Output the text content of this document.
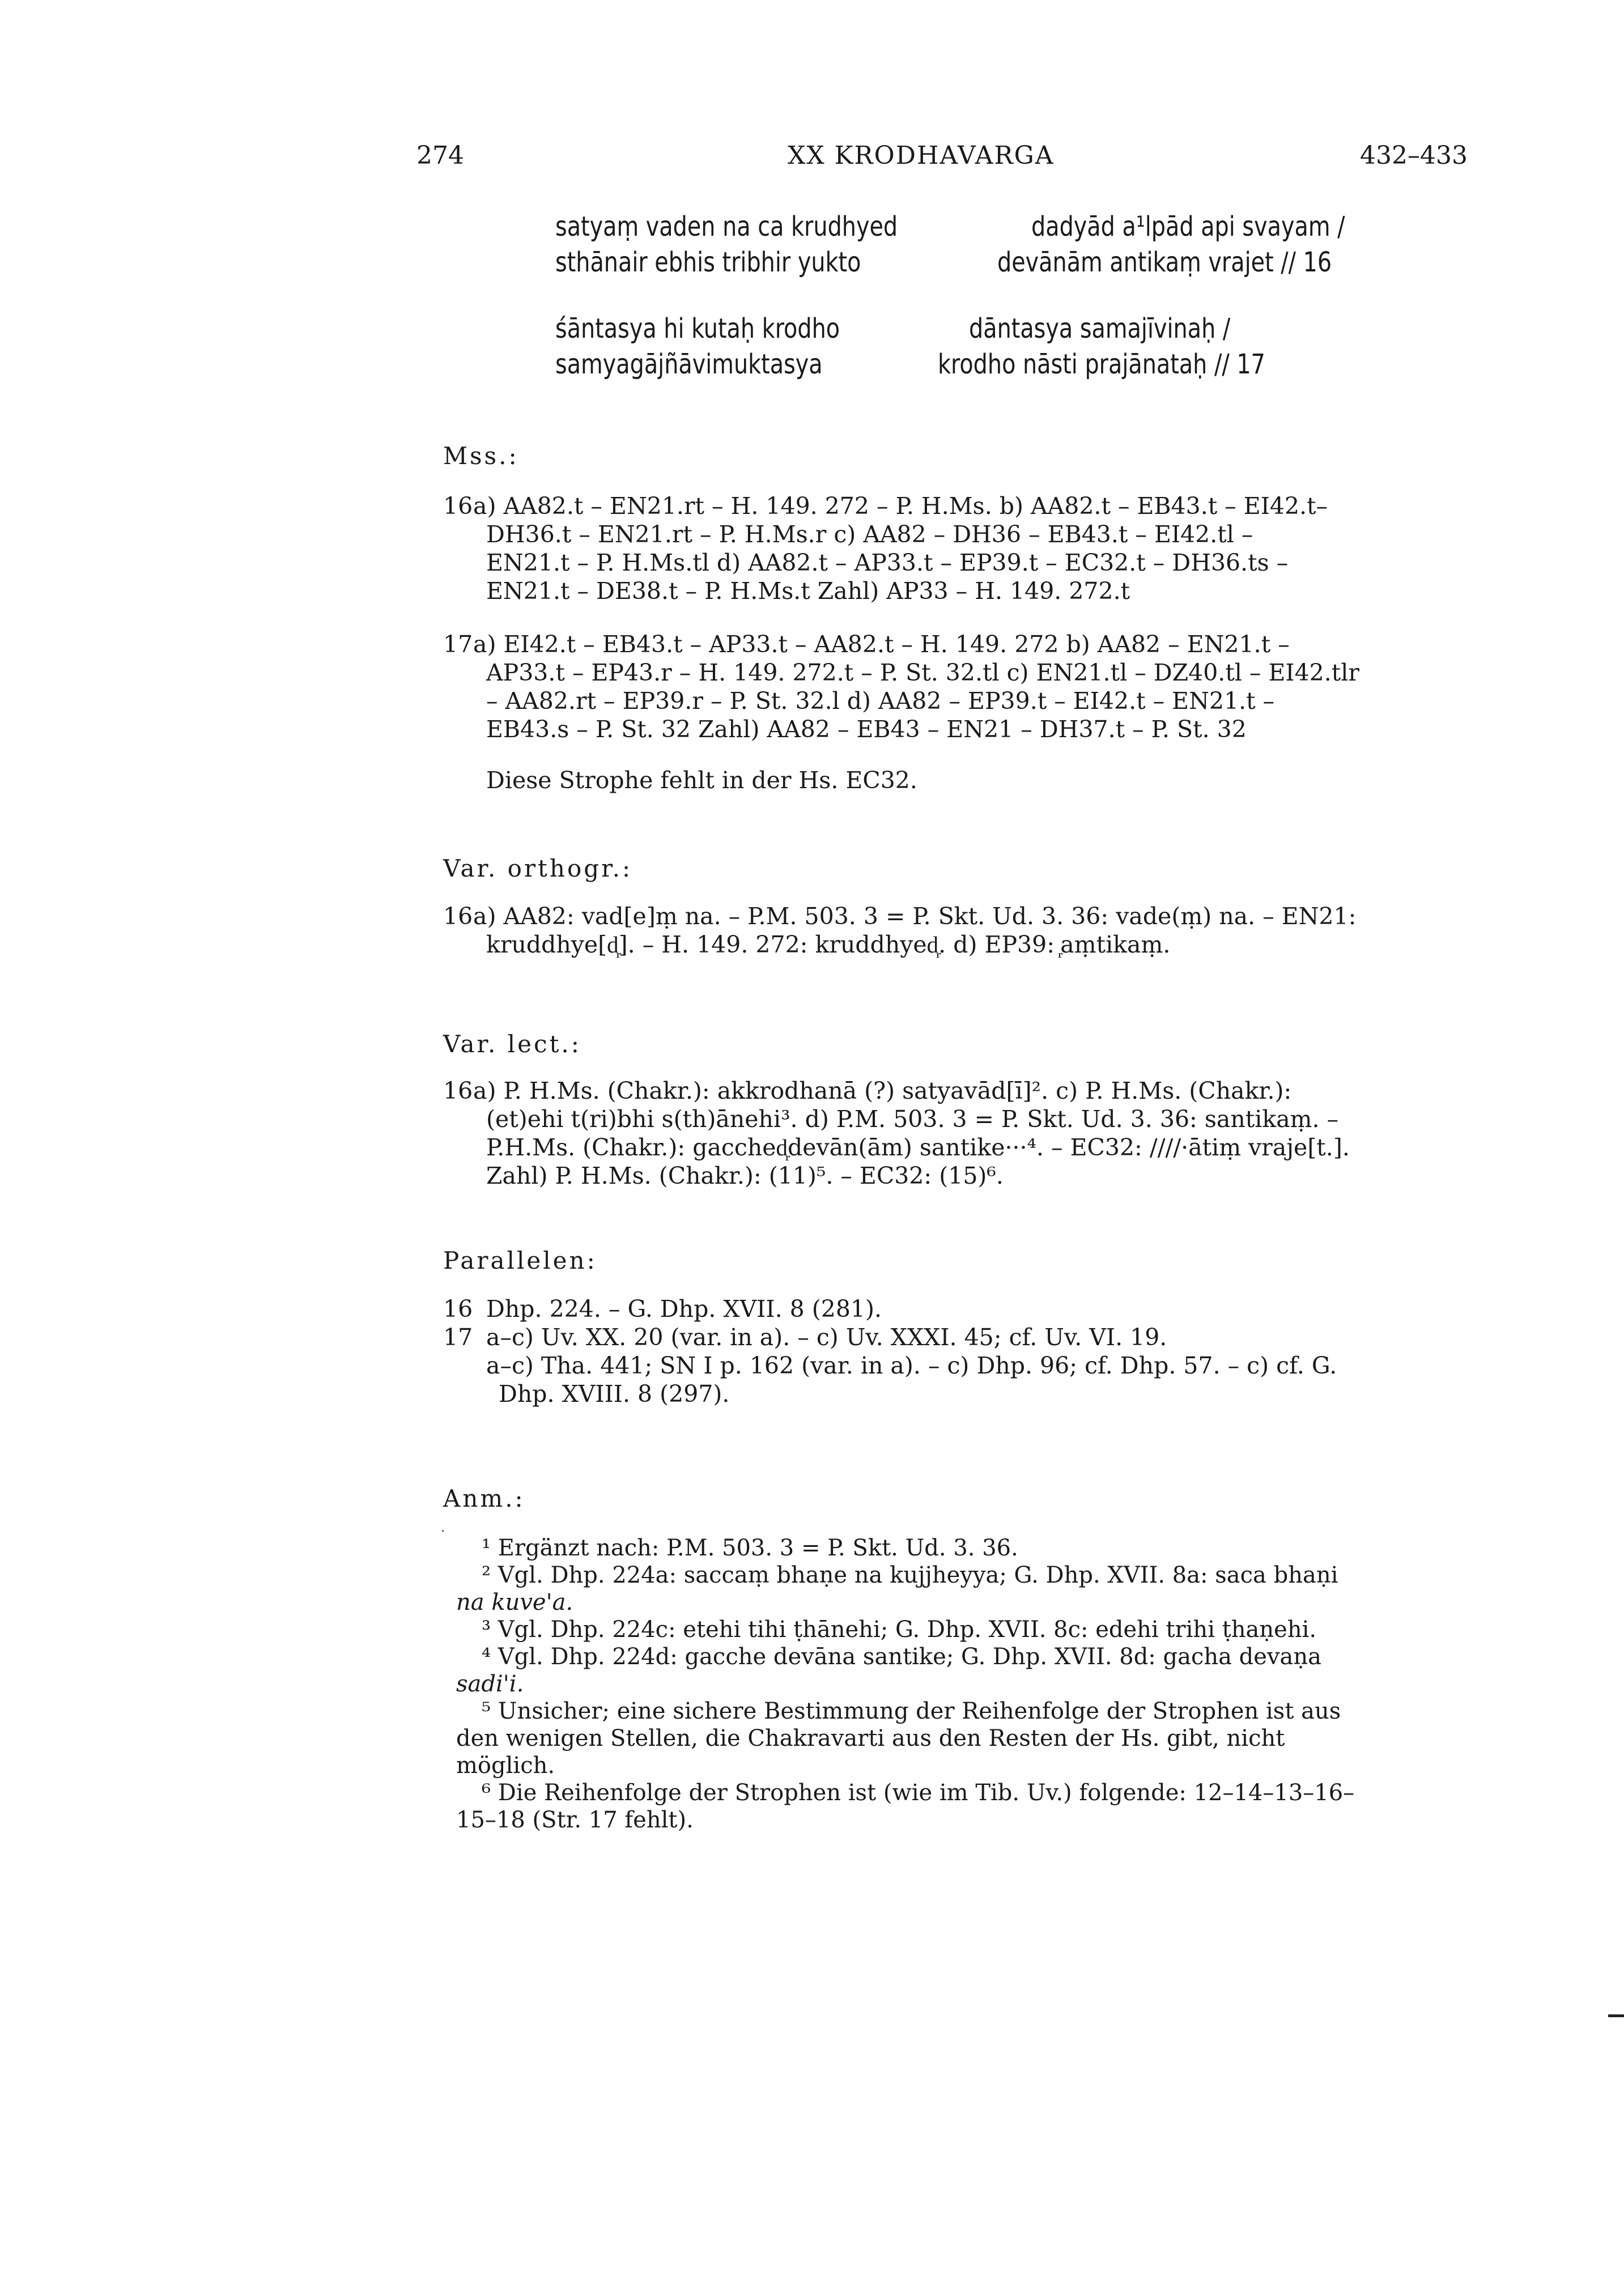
274	XX KRODHAVARGA	432–433
satyaṃ vaden na ca krudhyed	dadyād a¹lpād api svayam /
sthānair ebhis tribhir yukto	devānām antikaṃ vrajet // 16
śāntasya hi kutaḥ krodho	dāntasya samajīvinaḥ /
samyagājñāvimuktasya	krodho nāsti prajānataḥ // 17
Mss.:
16 a) AA82.t – EN21.rt – H. 149. 272 – P. H.Ms. b) AA82.t – EB43.t – EI42.t–
DH36.t – EN21.rt – P. H.Ms.r c) AA82 – DH36 – EB43.t – EI42.tl –
EN21.t – P. H.Ms.tl d) AA82.t – AP33.t – EP39.t – EC32.t – DH36.ts –
EN21.t – DE38.t – P. H.Ms.t Zahl) AP33 – H. 149. 272.t
17 a) EI42.t – EB43.t – AP33.t – AA82.t – H. 149. 272 b) AA82 – EN21.t –
AP33.t – EP43.r – H. 149. 272.t – P. St. 32.tl c) EN21.tl – DZ40.tl – EI42.tlr
– AA82.rt – EP39.r – P. St. 32.l d) AA82 – EP39.t – EI42.t – EN21.t –
EB43.s – P. St. 32 Zahl) AA82 – EB43 – EN21 – DH37.t – P. St. 32
Diese Strophe fehlt in der Hs. EC32.
Var. orthogr.:
16 a) AA82: vad[e]ṃ na. – P.M. 503. 3 = P. Skt. Ud. 3. 36: vade(ṃ) na. – EN21:
kruddhye[d᷊]. – H. 149. 272: kruddhyed᷊. d) EP39: ᷊aṃtikaṃ.
Var. lect.:
16 a) P. H.Ms. (Chakr.): akkrodhanā (?) satyavād[ī]². c) P. H.Ms. (Chakr.):
(et)ehi t(ri)bhi s(th)ānehi³. d) P.M. 503. 3 = P. Skt. Ud. 3. 36: santikaṃ. –
P.H.Ms. (Chakr.): gacched᷊devān(ām) santike···⁴. – EC32: ////·ātiṃ vraje[t.].
Zahl) P. H.Ms. (Chakr.): (11)⁵. – EC32: (15)⁶.
Parallelen:
16 Dhp. 224. – G. Dhp. XVII. 8 (281).
17 a–c) Uv. XX. 20 (var. in a). – c) Uv. XXXI. 45; cf. Uv. VI. 19.
a–c) Tha. 441; SN I p. 162 (var. in a). – c) Dhp. 96; cf. Dhp. 57. – c) cf. G.
Dhp. XVIII. 8 (297).
Anm.:
¹ Ergänzt nach: P.M. 503. 3 = P. Skt. Ud. 3. 36.
² Vgl. Dhp. 224a: saccaṃ bhaṇe na kujjheyya; G. Dhp. XVII. 8a: saca bhaṇi
na kuve'a.
³ Vgl. Dhp. 224c: etehi tihi ṭhānehi; G. Dhp. XVII. 8c: edehi trihi ṭhaṇehi.
⁴ Vgl. Dhp. 224d: gacche devāna santike; G. Dhp. XVII. 8d: gacha devaṇa
sadi'i.
⁵ Unsicher; eine sichere Bestimmung der Reihenfolge der Strophen ist aus
den wenigen Stellen, die Chakravarti aus den Resten der Hs. gibt, nicht
möglich.
⁶ Die Reihenfolge der Strophen ist (wie im Tib. Uv.) folgende: 12–14–13–16–
15–18 (Str. 17 fehlt).
